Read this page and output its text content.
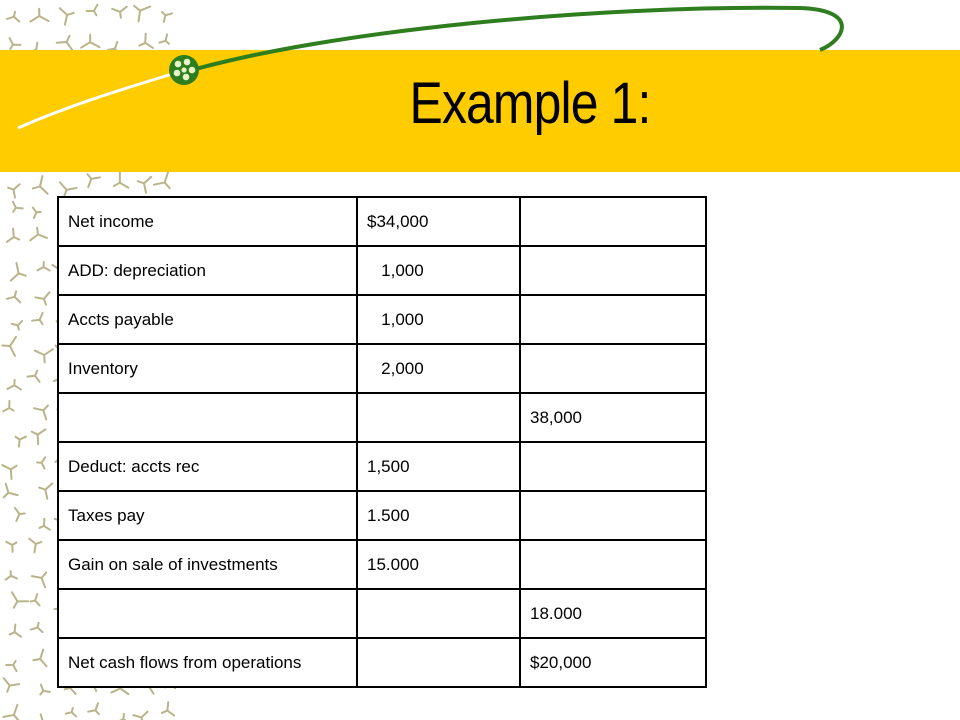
Example 1:
Net income	$34,000	
ADD: depreciation	1,000	
Accts payable	1,000	
Inventory	2,000	
		38,000
Deduct: accts rec	1,500	
Taxes pay	1.500	
Gain on sale of investments	15.000	
		18.000
Net cash flows from operations		$20,000
